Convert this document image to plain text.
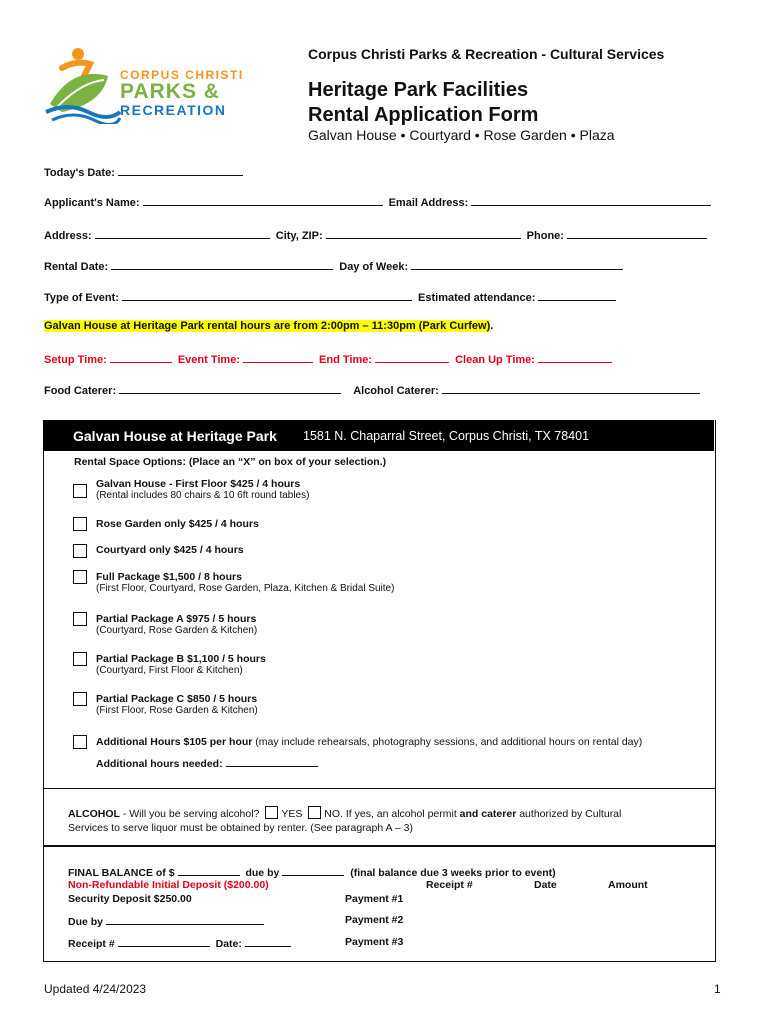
CORPUS CHRISTI
PARKS &
RECREATION
Corpus Christi Parks & Recreation - Cultural Services
Heritage Park Facilities
Rental Application Form
Galvan House • Courtyard • Rose Garden • Plaza
Today's Date:
Applicant's Name:	Email Address:
Address:	City, ZIP:	Phone:
Rental Date:	Day of Week:
Type of Event:	Estimated attendance:
Galvan House at Heritage Park rental hours are from 2:00pm – 11:30pm (Park Curfew).
Setup Time:	Event Time:	End Time:	Clean Up Time:
Food Caterer:	Alcohol Caterer:
Galvan House at Heritage Park 1581 N. Chaparral Street, Corpus Christi, TX 78401
Rental Space Options: (Place an “X” on box of your selection.)
Galvan House - First Floor $425 / 4 hours
(Rental includes 80 chairs & 10 6ft round tables)
Rose Garden only $425 / 4 hours
Courtyard only $425 / 4 hours
Full Package $1,500 / 8 hours
(First Floor, Courtyard, Rose Garden, Plaza, Kitchen & Bridal Suite)
Partial Package A $975 / 5 hours
(Courtyard, Rose Garden & Kitchen)
Partial Package B $1,100 / 5 hours
(Courtyard, First Floor & Kitchen)
Partial Package C $850 / 5 hours
(First Floor, Rose Garden & Kitchen)
Additional Hours $105 per hour (may include rehearsals, photography sessions, and additional hours on rental day)
Additional hours needed:
ALCOHOL - Will you be serving alcohol? YES NO. If yes, an alcohol permit and caterer authorized by Cultural
Services to serve liquor must be obtained by renter. (See paragraph A – 3)
FINAL BALANCE of $	due by	(final balance due 3 weeks prior to event)
Non-Refundable Initial Deposit ($200.00)	Receipt #	Date	Amount
Security Deposit $250.00	Payment #1
Due by	Payment #2
Receipt #	Date:	Payment #3
Updated 4/24/2023	1
